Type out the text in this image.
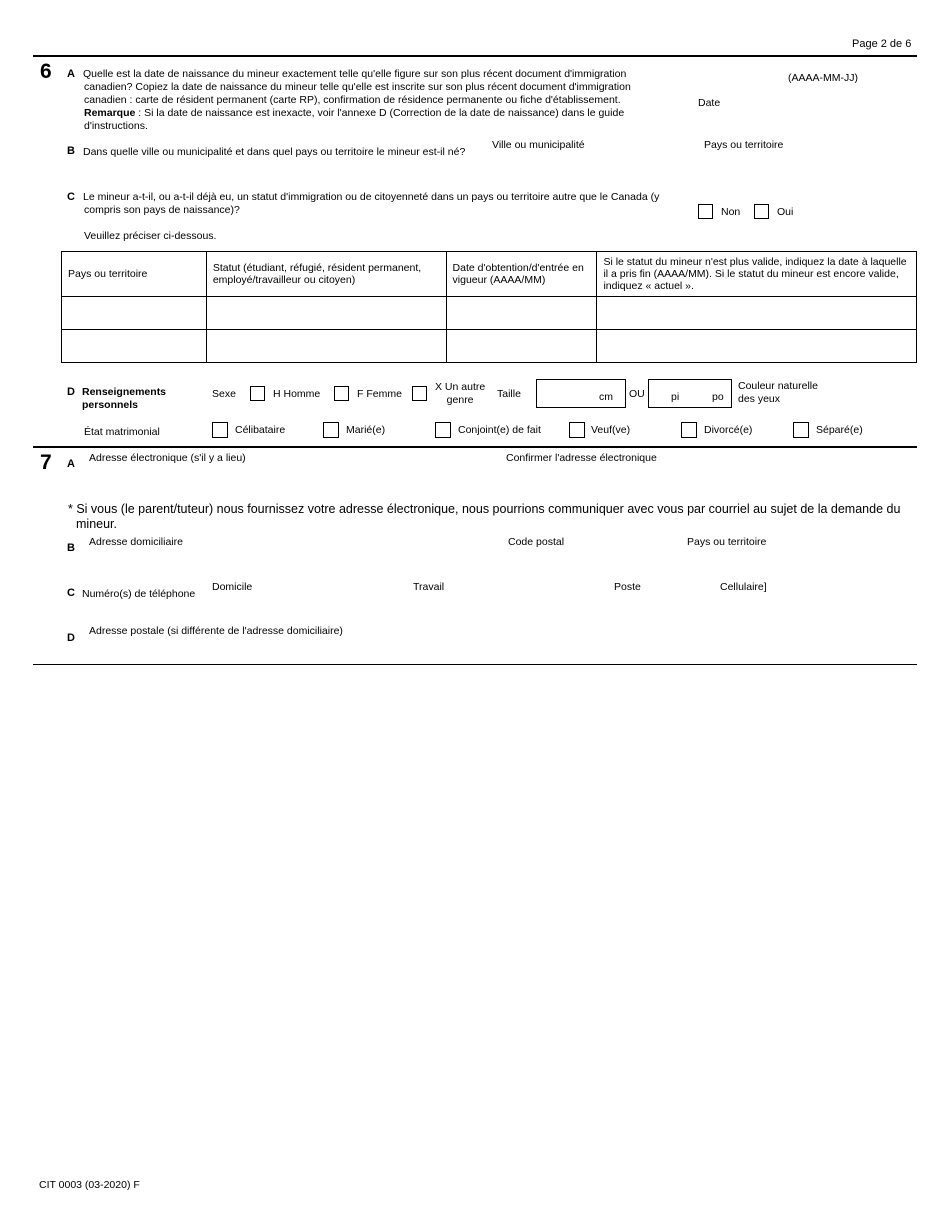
Page 2 de 6
6 A Quelle est la date de naissance du mineur exactement telle qu'elle figure sur son plus récent document d'immigration
canadien? Copiez la date de naissance du mineur telle qu'elle est inscrite sur son plus récent document d'immigration
canadien : carte de résident permanent (carte RP), confirmation de résidence permanente ou fiche d'établissement.
Remarque : Si la date de naissance est inexacte, voir l'annexe D (Correction de la date de naissance) dans le guide
d'instructions.
(AAAA-MM-JJ)
Date
B Dans quelle ville ou municipalité et dans quel pays ou territoire le mineur est-il né?
Ville ou municipalité	Pays ou territoire
C Le mineur a-t-il, ou a-t-il déjà eu, un statut d'immigration ou de citoyenneté dans un pays ou territoire autre que le Canada (y
compris son pays de naissance)?	Non	Oui
Veuillez préciser ci-dessous.
Pays ou territoire	Statut (étudiant, réfugié, résident permanent, employé/travailleur ou citoyen)	Date d'obtention/d'entrée en vigueur (AAAA/MM)	Si le statut du mineur n'est plus valide, indiquez la date à laquelle il a pris fin (AAAA/MM). Si le statut du mineur est encore valide, indiquez « actuel ».

D Renseignements
personnels
Sexe	H Homme	F Femme
X Un autre
genre	Taille	cm OU	pi	po
Couleur naturelle
des yeux
État matrimonial	Célibataire	Marié(e)	Conjoint(e) de fait	Veuf(ve)	Divorcé(e)	Séparé(e)
7 A Adresse électronique (s'il y a lieu)	Confirmer l'adresse électronique
* Si vous (le parent/tuteur) nous fournissez votre adresse électronique, nous pourrions communiquer avec vous par courriel au sujet de la demande du
mineur.
B Adresse domiciliaire	Code postal	Pays ou territoire
C Numéro(s) de téléphone
Domicile	Travail	Poste	Cellulaire]
D
Adresse postale (si différente de l'adresse domiciliaire)
CIT 0003 (03-2020) F
